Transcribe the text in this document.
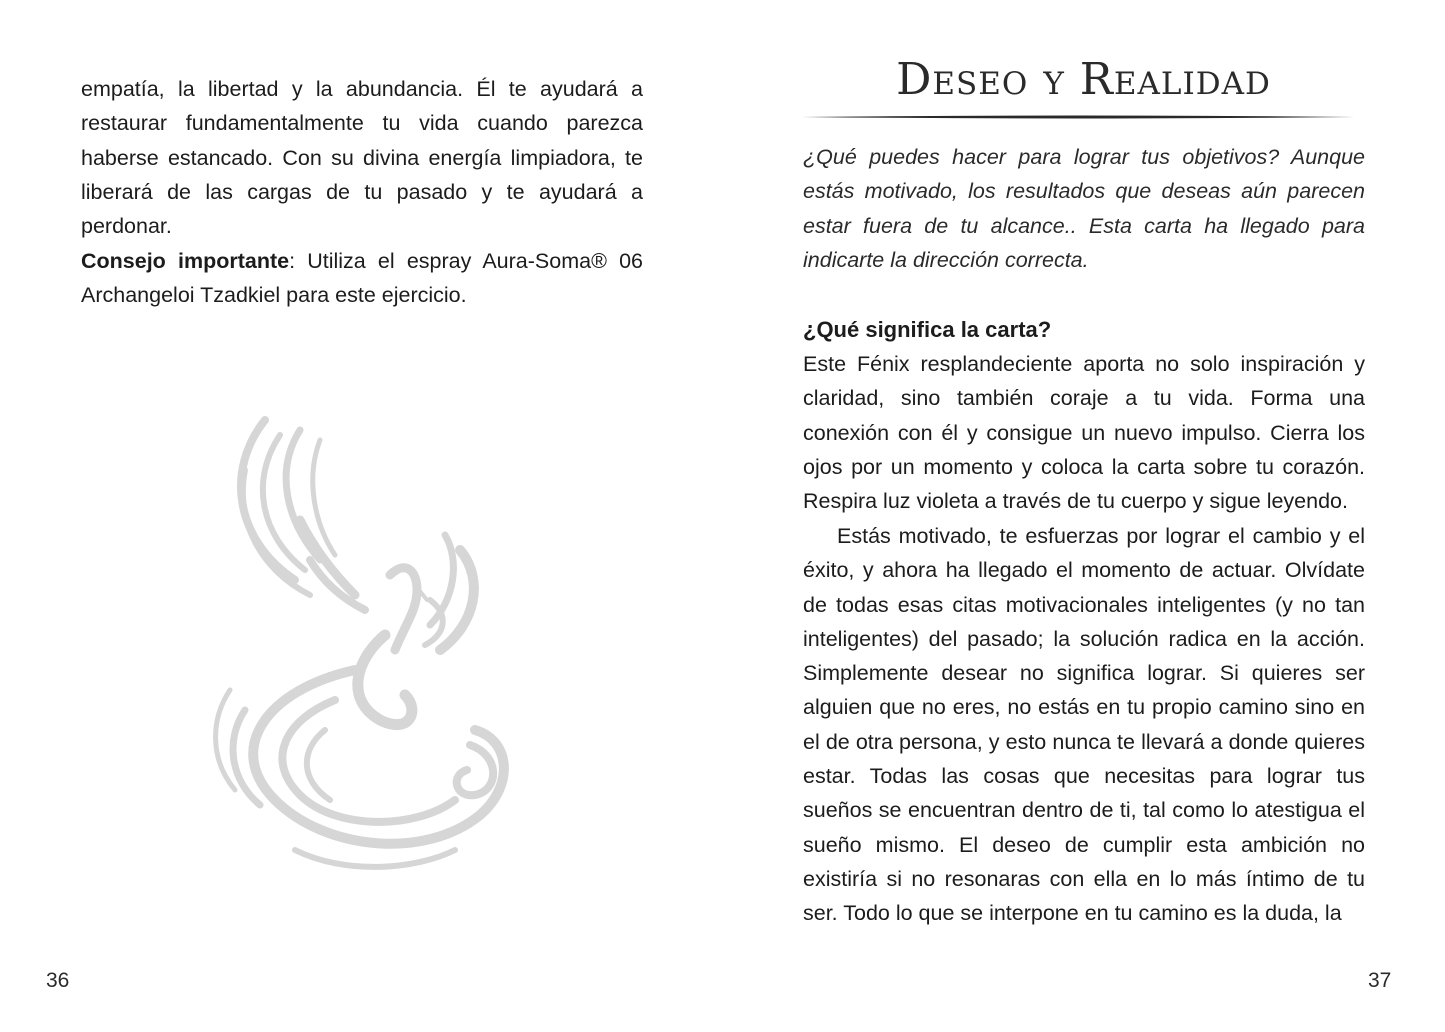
empatía, la libertad y la abundancia. Él te ayudará a restaurar fundamentalmente tu vida cuando parezca haberse estancado. Con su divina energía limpiadora, te liberará de las cargas de tu pasado y te ayudará a perdonar.

Consejo importante: Utiliza el espray Aura-Soma® 06 Archangeloi Tzadkiel para este ejercicio.

36
Deseo y Realidad

¿Qué puedes hacer para lograr tus objetivos? Aunque estás motivado, los resultados que deseas aún parecen estar fuera de tu alcance.. Esta carta ha llegado para indicarte la dirección correcta.

¿Qué significa la carta?

Este Fénix resplandeciente aporta no solo inspiración y claridad, sino también coraje a tu vida. Forma una conexión con él y consigue un nuevo impulso. Cierra los ojos por un momento y coloca la carta sobre tu corazón. Respira luz violeta a través de tu cuerpo y sigue leyendo.

Estás motivado, te esfuerzas por lograr el cambio y el éxito, y ahora ha llegado el momento de actuar. Olvídate de todas esas citas motivacionales inteligentes (y no tan inteligentes) del pasado; la solución radica en la acción. Simplemente desear no significa lograr. Si quieres ser alguien que no eres, no estás en tu propio camino sino en el de otra persona, y esto nunca te llevará a donde quieres estar. Todas las cosas que necesitas para lograr tus sueños se encuentran dentro de ti, tal como lo atestigua el sueño mismo. El deseo de cumplir esta ambición no existiría si no resonaras con ella en lo más íntimo de tu ser. Todo lo que se interpone en tu camino es la duda, la

37
